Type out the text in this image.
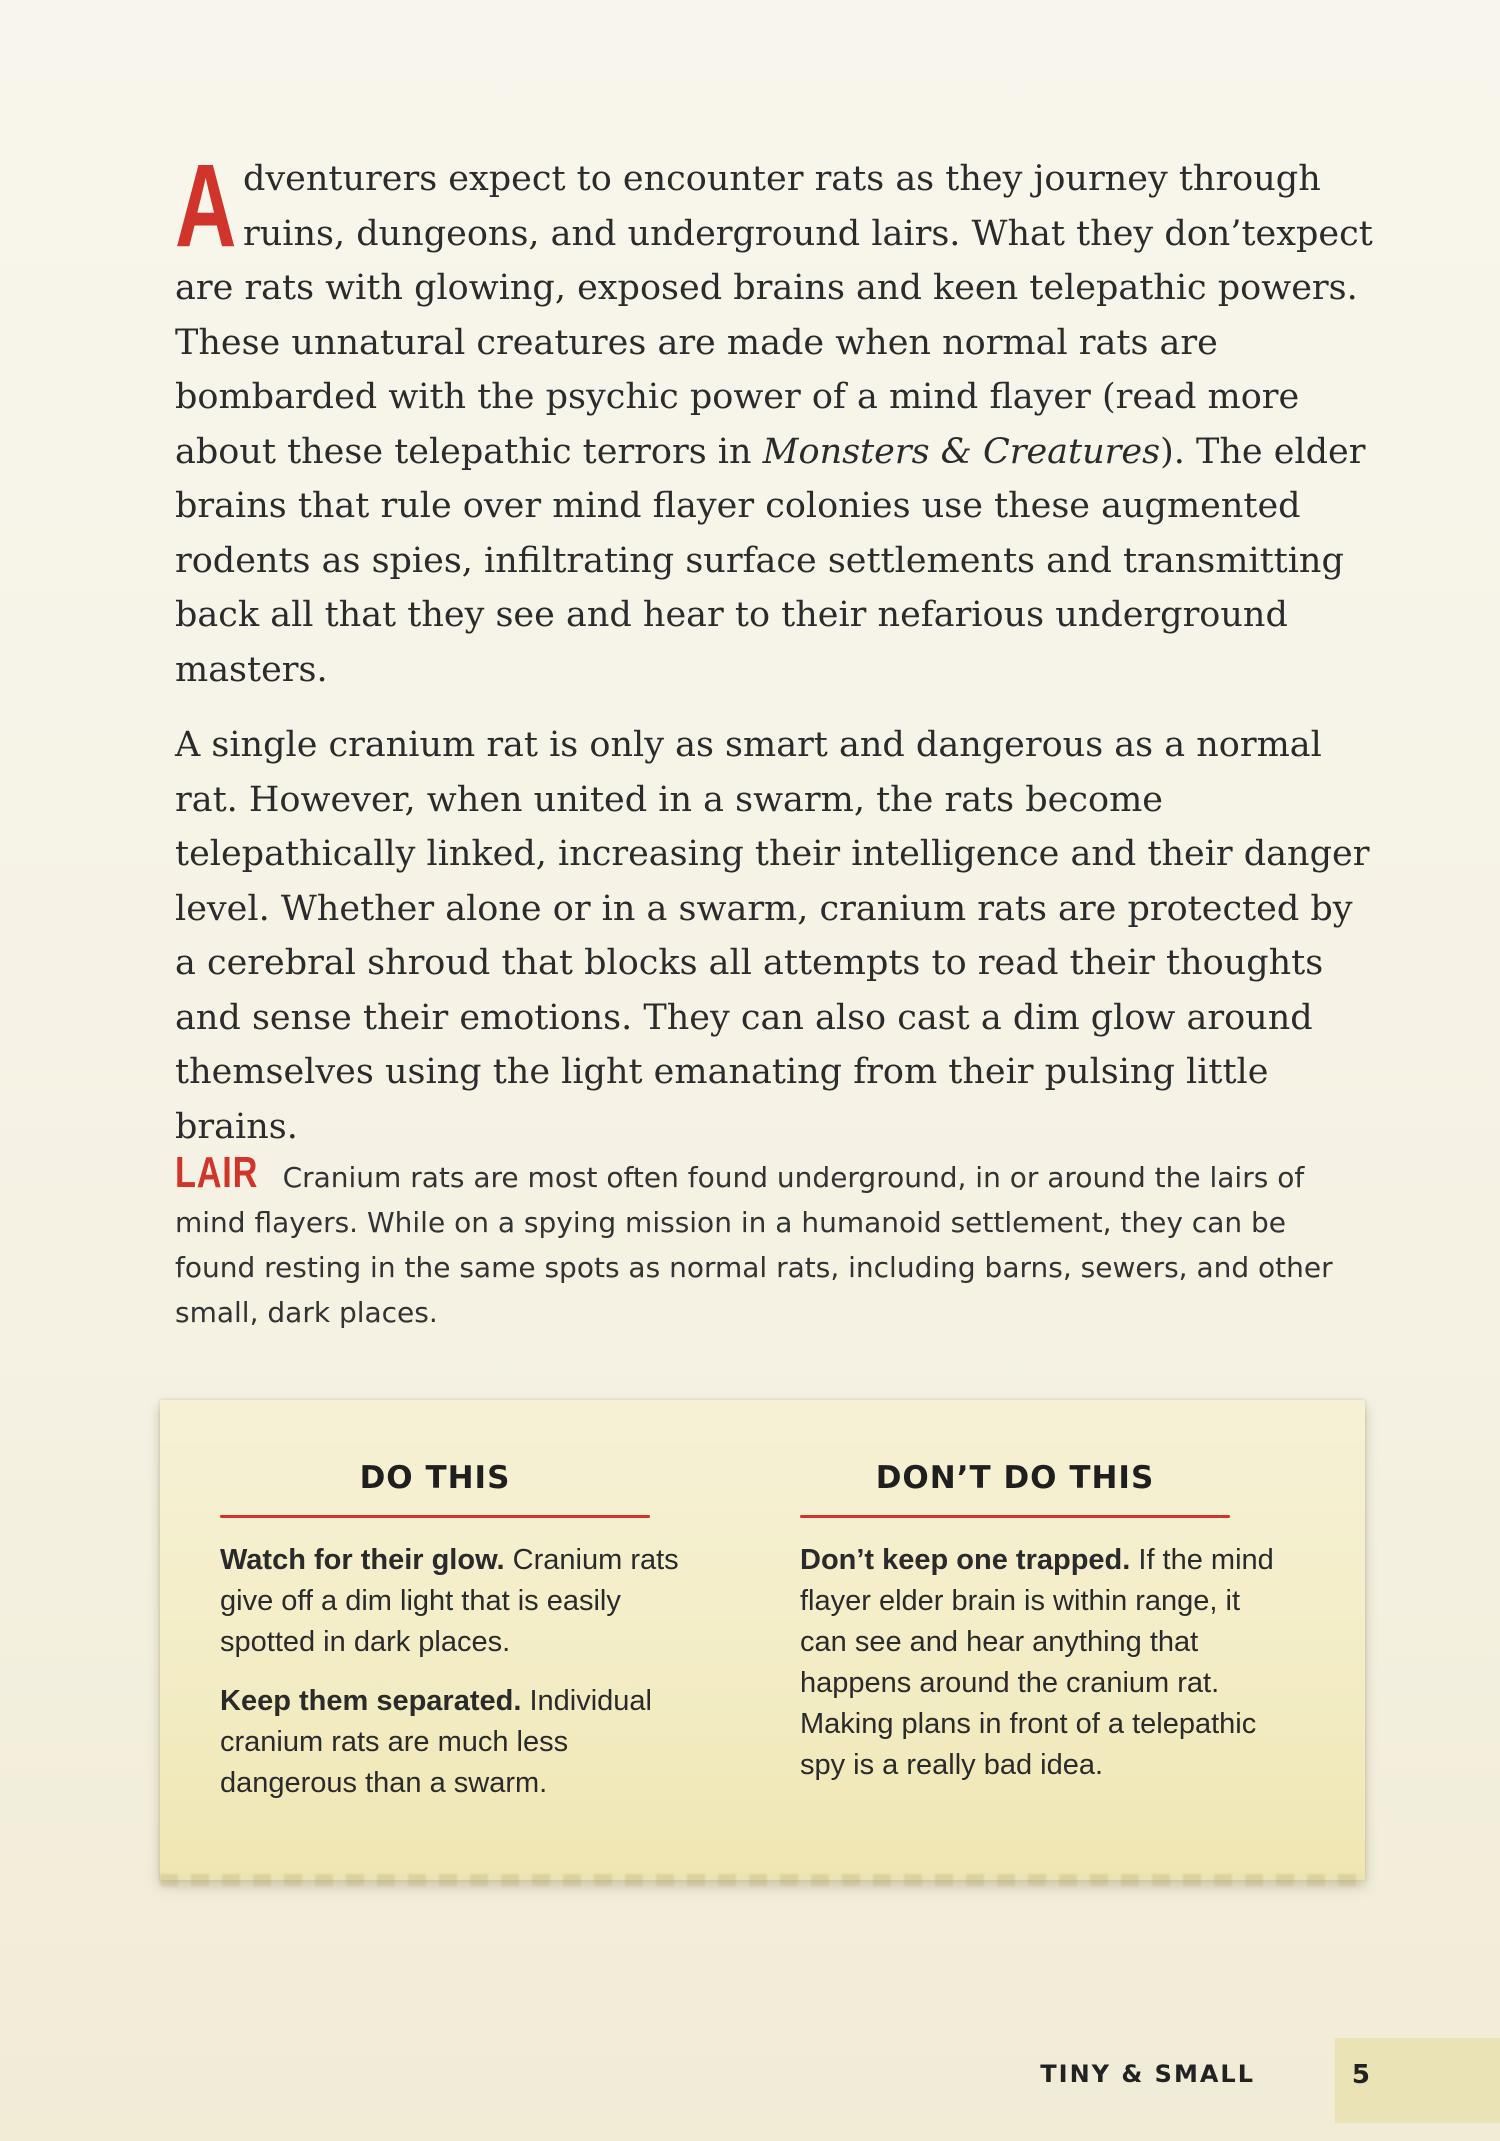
Adventurers expect to encounter rats as they journey through
ruins, dungeons, and underground lairs. What they don’texpect are rats with glowing, exposed brains and keen telepathic powers. These unnatural creatures are made when normal rats are bombarded with the psychic power of a mind flayer (read more about these telepathic terrors in Monsters & Creatures). The elder brains that rule over mind flayer colonies use these augmented rodents as spies, infiltrating surface settlements and transmitting back all that they see and hear to their nefarious underground masters.

A single cranium rat is only as smart and dangerous as a normal rat. However, when united in a swarm, the rats become telepathically linked, increasing their intelligence and their danger level. Whether alone or in a swarm, cranium rats are protected by a cerebral shroud that blocks all attempts to read their thoughts and sense their emotions. They can also cast a dim glow around themselves using the light emanating from their pulsing little brains.

LAIR Cranium rats are most often found underground, in or around the lairs of mind flayers. While on a spying mission in a humanoid settlement, they can be found resting in the same spots as normal rats, including barns, sewers, and other small, dark places.

DO THIS

Watch for their glow. Cranium rats give off a dim light that is easily spotted in dark places.

Keep them separated. Individual cranium rats are much less dangerous than a swarm.

DON’T DO THIS

Don’t keep one trapped. If the mind flayer elder brain is within range, it can see and hear anything that happens around the cranium rat. Making plans in front of a telepathic spy is a really bad idea.

TINY & SMALL	5
